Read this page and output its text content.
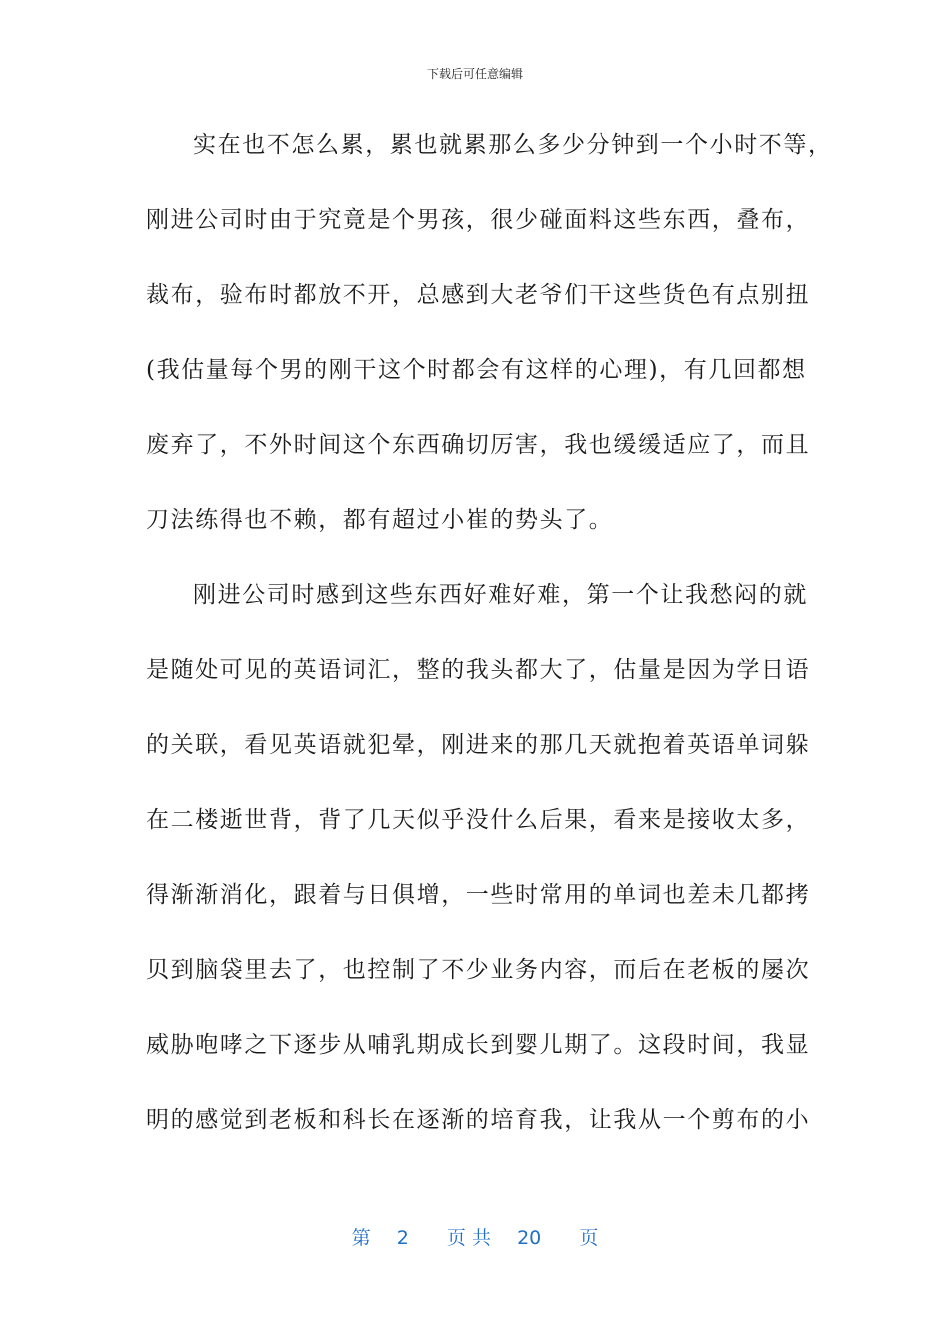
下载后可任意编辑
实在也不怎么累，累也就累那么多少分钟到一个小时不等，
刚进公司时由于究竟是个男孩，很少碰面料这些东西，叠布，
裁布，验布时都放不开，总感到大老爷们干这些货色有点别扭
(我估量每个男的刚干这个时都会有这样的心理)，有几回都想
废弃了，不外时间这个东西确切厉害，我也缓缓适应了，而且
刀法练得也不赖，都有超过小崔的势头了。
刚进公司时感到这些东西好难好难，第一个让我愁闷的就
是随处可见的英语词汇，整的我头都大了，估量是因为学日语
的关联，看见英语就犯晕，刚进来的那几天就抱着英语单词躲
在二楼逝世背，背了几天似乎没什么后果，看来是接收太多，
得渐渐消化，跟着与日俱增，一些时常用的单词也差未几都拷
贝到脑袋里去了，也控制了不少业务内容，而后在老板的屡次
威胁咆哮之下逐步从哺乳期成长到婴儿期了。这段时间，我显
明的感觉到老板和科长在逐渐的培育我，让我从一个剪布的小
第 2 页 共 20 页
